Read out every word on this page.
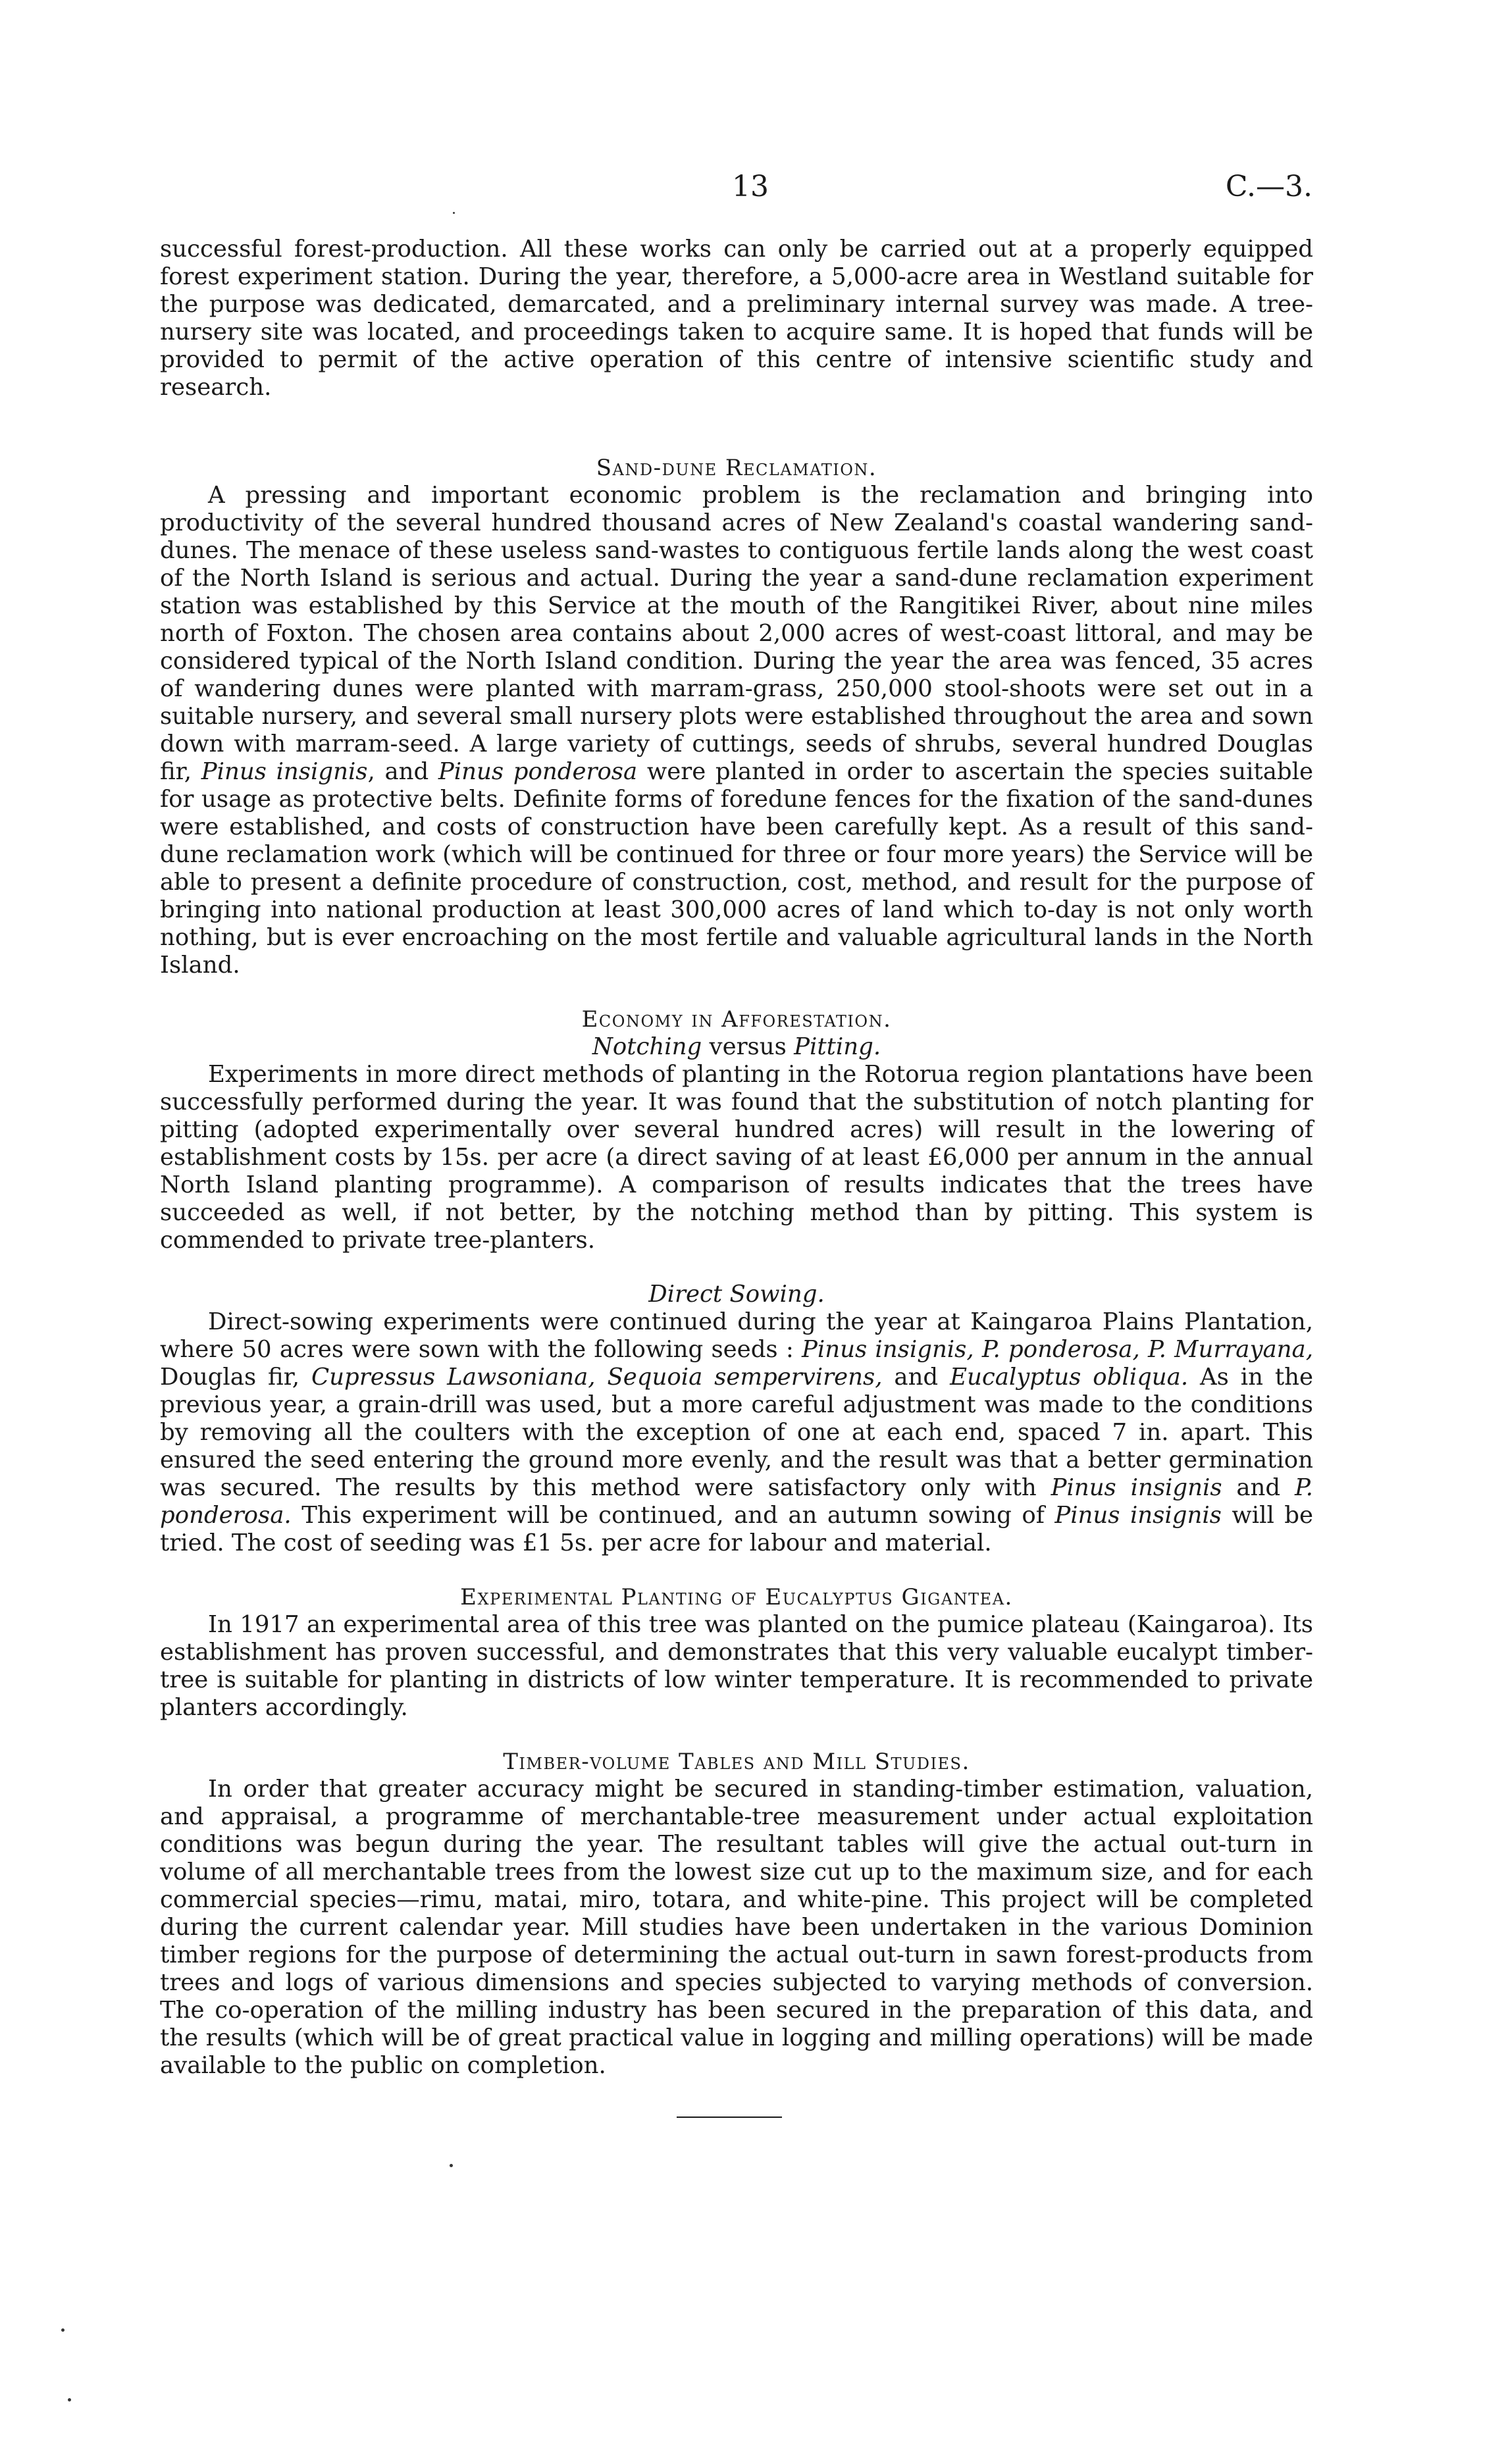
13	C.—3.

successful forest-production. All these works can only be carried out at a properly equipped forest experiment station. During the year, therefore, a 5,000-acre area in Westland suitable for the purpose was dedicated, demarcated, and a preliminary internal survey was made. A tree-nursery site was located, and proceedings taken to acquire same. It is hoped that funds will be provided to permit of the active operation of this centre of intensive scientific study and research.

Sand-dune Reclamation.

A pressing and important economic problem is the reclamation and bringing into productivity of the several hundred thousand acres of New Zealand's coastal wandering sand-dunes. The menace of these useless sand-wastes to contiguous fertile lands along the west coast of the North Island is serious and actual. During the year a sand-dune reclamation experiment station was established by this Service at the mouth of the Rangitikei River, about nine miles north of Foxton. The chosen area contains about 2,000 acres of west-coast littoral, and may be considered typical of the North Island condition. During the year the area was fenced, 35 acres of wandering dunes were planted with marram-grass, 250,000 stool-shoots were set out in a suitable nursery, and several small nursery plots were established throughout the area and sown down with marram-seed. A large variety of cuttings, seeds of shrubs, several hundred Douglas fir, Pinus insignis, and Pinus ponderosa were planted in order to ascertain the species suitable for usage as protective belts. Definite forms of foredune fences for the fixation of the sand-dunes were established, and costs of construction have been carefully kept. As a result of this sand-dune reclamation work (which will be continued for three or four more years) the Service will be able to present a definite procedure of construction, cost, method, and result for the purpose of bringing into national production at least 300,000 acres of land which to-day is not only worth nothing, but is ever encroaching on the most fertile and valuable agricultural lands in the North Island.

Economy in Afforestation.
Notching versus Pitting.

Experiments in more direct methods of planting in the Rotorua region plantations have been successfully performed during the year. It was found that the substitution of notch planting for pitting (adopted experimentally over several hundred acres) will result in the lowering of establishment costs by 15s. per acre (a direct saving of at least £6,000 per annum in the annual North Island planting programme). A comparison of results indicates that the trees have succeeded as well, if not better, by the notching method than by pitting. This system is commended to private tree-planters.

Direct Sowing.

Direct-sowing experiments were continued during the year at Kaingaroa Plains Plantation, where 50 acres were sown with the following seeds : Pinus insignis, P. ponderosa, P. Murrayana, Douglas fir, Cupressus Lawsoniana, Sequoia sempervirens, and Eucalyptus obliqua. As in the previous year, a grain-drill was used, but a more careful adjustment was made to the conditions by removing all the coulters with the exception of one at each end, spaced 7 in. apart. This ensured the seed entering the ground more evenly, and the result was that a better germination was secured. The results by this method were satisfactory only with Pinus insignis and P. ponderosa. This experiment will be continued, and an autumn sowing of Pinus insignis will be tried. The cost of seeding was £1 5s. per acre for labour and material.

Experimental Planting of Eucalyptus Gigantea.

In 1917 an experimental area of this tree was planted on the pumice plateau (Kaingaroa). Its establishment has proven successful, and demonstrates that this very valuable eucalypt timber-tree is suitable for planting in districts of low winter temperature. It is recommended to private planters accordingly.

Timber-volume Tables and Mill Studies.

In order that greater accuracy might be secured in standing-timber estimation, valuation, and appraisal, a programme of merchantable-tree measurement under actual exploitation conditions was begun during the year. The resultant tables will give the actual out-turn in volume of all merchantable trees from the lowest size cut up to the maximum size, and for each commercial species—rimu, matai, miro, totara, and white-pine. This project will be completed during the current calendar year. Mill studies have been undertaken in the various Dominion timber regions for the purpose of determining the actual out-turn in sawn forest-products from trees and logs of various dimensions and species subjected to varying methods of conversion. The co-operation of the milling industry has been secured in the preparation of this data, and the results (which will be of great practical value in logging and milling operations) will be made available to the public on completion.
